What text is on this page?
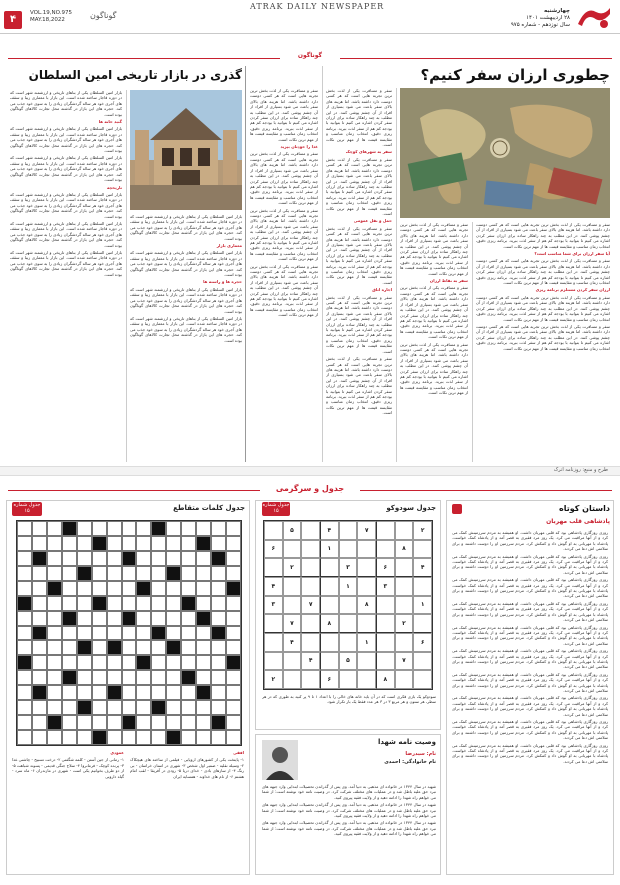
۴
VOL.19,NO.975
MAY.18,2022	گوناگون
ATRAK DAILY NEWSPAPER	چهارشنبه
۲۸ اردیبهشت ۱۴۰۱
سال نوزدهم - شماره ۹۷۵
گوناگون
چطوری ارزان سفر کنیم؟

سفر و مسافرت یکی از لذت بخش ترین تجربه هایی است که هر کسی دوست دارد داشته باشد. اما هزینه های بالای سفر باعث می شود بسیاری از افراد از آن چشم پوشی کنند. در این مطلب به چند راهکار ساده برای ارزان سفر کردن اشاره می کنیم تا بتوانید با بودجه کم هم از سفر لذت ببرید. برنامه ریزی دقیق، انتخاب زمان مناسب و مقایسه قیمت ها از مهم ترین نکات است.

آیا سفر ارزان برای شما مناسب است؟

سفر و مسافرت یکی از لذت بخش ترین تجربه هایی است که هر کسی دوست دارد داشته باشد. اما هزینه های بالای سفر باعث می شود بسیاری از افراد از آن چشم پوشی کنند. در این مطلب به چند راهکار ساده برای ارزان سفر کردن اشاره می کنیم تا بتوانید با بودجه کم هم از سفر لذت ببرید. برنامه ریزی دقیق، انتخاب زمان مناسب و مقایسه قیمت ها از مهم ترین نکات است.

ارزان سفر کردن مستلزم برنامه ریزی

سفر و مسافرت یکی از لذت بخش ترین تجربه هایی است که هر کسی دوست دارد داشته باشد. اما هزینه های بالای سفر باعث می شود بسیاری از افراد از آن چشم پوشی کنند. در این مطلب به چند راهکار ساده برای ارزان سفر کردن اشاره می کنیم تا بتوانید با بودجه کم هم از سفر لذت ببرید. برنامه ریزی دقیق، انتخاب زمان مناسب و مقایسه قیمت ها از مهم ترین نکات است.

سفر و مسافرت یکی از لذت بخش ترین تجربه هایی است که هر کسی دوست دارد داشته باشد. اما هزینه های بالای سفر باعث می شود بسیاری از افراد از آن چشم پوشی کنند. در این مطلب به چند راهکار ساده برای ارزان سفر کردن اشاره می کنیم تا بتوانید با بودجه کم هم از سفر لذت ببرید. برنامه ریزی دقیق، انتخاب زمان مناسب و مقایسه قیمت ها از مهم ترین نکات است.

سفر و مسافرت یکی از لذت بخش ترین تجربه هایی است که هر کسی دوست دارد داشته باشد. اما هزینه های بالای سفر باعث می شود بسیاری از افراد از آن چشم پوشی کنند. در این مطلب به چند راهکار ساده برای ارزان سفر کردن اشاره می کنیم تا بتوانید با بودجه کم هم از سفر لذت ببرید. برنامه ریزی دقیق، انتخاب زمان مناسب و مقایسه قیمت ها از مهم ترین نکات است.

سفر به نقاط ارزان

سفر و مسافرت یکی از لذت بخش ترین تجربه هایی است که هر کسی دوست دارد داشته باشد. اما هزینه های بالای سفر باعث می شود بسیاری از افراد از آن چشم پوشی کنند. در این مطلب به چند راهکار ساده برای ارزان سفر کردن اشاره می کنیم تا بتوانید با بودجه کم هم از سفر لذت ببرید. برنامه ریزی دقیق، انتخاب زمان مناسب و مقایسه قیمت ها از مهم ترین نکات است.

سفر و مسافرت یکی از لذت بخش ترین تجربه هایی است که هر کسی دوست دارد داشته باشد. اما هزینه های بالای سفر باعث می شود بسیاری از افراد از آن چشم پوشی کنند. در این مطلب به چند راهکار ساده برای ارزان سفر کردن اشاره می کنیم تا بتوانید با بودجه کم هم از سفر لذت ببرید. برنامه ریزی دقیق، انتخاب زمان مناسب و مقایسه قیمت ها از مهم ترین نکات است.

سفر و مسافرت یکی از لذت بخش ترین تجربه هایی است که هر کسی دوست دارد داشته باشد. اما هزینه های بالای سفر باعث می شود بسیاری از افراد از آن چشم پوشی کنند. در این مطلب به چند راهکار ساده برای ارزان سفر کردن اشاره می کنیم تا بتوانید با بودجه کم هم از سفر لذت ببرید. برنامه ریزی دقیق، انتخاب زمان مناسب و مقایسه قیمت ها از مهم ترین نکات است.

سفر به شهرهای کوچک

سفر و مسافرت یکی از لذت بخش ترین تجربه هایی است که هر کسی دوست دارد داشته باشد. اما هزینه های بالای سفر باعث می شود بسیاری از افراد از آن چشم پوشی کنند. در این مطلب به چند راهکار ساده برای ارزان سفر کردن اشاره می کنیم تا بتوانید با بودجه کم هم از سفر لذت ببرید. برنامه ریزی دقیق، انتخاب زمان مناسب و مقایسه قیمت ها از مهم ترین نکات است.

حمل و نقل عمومی

سفر و مسافرت یکی از لذت بخش ترین تجربه هایی است که هر کسی دوست دارد داشته باشد. اما هزینه های بالای سفر باعث می شود بسیاری از افراد از آن چشم پوشی کنند. در این مطلب به چند راهکار ساده برای ارزان سفر کردن اشاره می کنیم تا بتوانید با بودجه کم هم از سفر لذت ببرید. برنامه ریزی دقیق، انتخاب زمان مناسب و مقایسه قیمت ها از مهم ترین نکات است.

اجاره اتاق

سفر و مسافرت یکی از لذت بخش ترین تجربه هایی است که هر کسی دوست دارد داشته باشد. اما هزینه های بالای سفر باعث می شود بسیاری از افراد از آن چشم پوشی کنند. در این مطلب به چند راهکار ساده برای ارزان سفر کردن اشاره می کنیم تا بتوانید با بودجه کم هم از سفر لذت ببرید. برنامه ریزی دقیق، انتخاب زمان مناسب و مقایسه قیمت ها از مهم ترین نکات است.

سفر و مسافرت یکی از لذت بخش ترین تجربه هایی است که هر کسی دوست دارد داشته باشد. اما هزینه های بالای سفر باعث می شود بسیاری از افراد از آن چشم پوشی کنند. در این مطلب به چند راهکار ساده برای ارزان سفر کردن اشاره می کنیم تا بتوانید با بودجه کم هم از سفر لذت ببرید. برنامه ریزی دقیق، انتخاب زمان مناسب و مقایسه قیمت ها از مهم ترین نکات است.

سفر و مسافرت یکی از لذت بخش ترین تجربه هایی است که هر کسی دوست دارد داشته باشد. اما هزینه های بالای سفر باعث می شود بسیاری از افراد از آن چشم پوشی کنند. در این مطلب به چند راهکار ساده برای ارزان سفر کردن اشاره می کنیم تا بتوانید با بودجه کم هم از سفر لذت ببرید. برنامه ریزی دقیق، انتخاب زمان مناسب و مقایسه قیمت ها از مهم ترین نکات است.

غذا را خودتان بپزید

سفر و مسافرت یکی از لذت بخش ترین تجربه هایی است که هر کسی دوست دارد داشته باشد. اما هزینه های بالای سفر باعث می شود بسیاری از افراد از آن چشم پوشی کنند. در این مطلب به چند راهکار ساده برای ارزان سفر کردن اشاره می کنیم تا بتوانید با بودجه کم هم از سفر لذت ببرید. برنامه ریزی دقیق، انتخاب زمان مناسب و مقایسه قیمت ها از مهم ترین نکات است.

سفر و مسافرت یکی از لذت بخش ترین تجربه هایی است که هر کسی دوست دارد داشته باشد. اما هزینه های بالای سفر باعث می شود بسیاری از افراد از آن چشم پوشی کنند. در این مطلب به چند راهکار ساده برای ارزان سفر کردن اشاره می کنیم تا بتوانید با بودجه کم هم از سفر لذت ببرید. برنامه ریزی دقیق، انتخاب زمان مناسب و مقایسه قیمت ها از مهم ترین نکات است.

سفر و مسافرت یکی از لذت بخش ترین تجربه هایی است که هر کسی دوست دارد داشته باشد. اما هزینه های بالای سفر باعث می شود بسیاری از افراد از آن چشم پوشی کنند. در این مطلب به چند راهکار ساده برای ارزان سفر کردن اشاره می کنیم تا بتوانید با بودجه کم هم از سفر لذت ببرید. برنامه ریزی دقیق، انتخاب زمان مناسب و مقایسه قیمت ها از مهم ترین نکات است.

گذری در بازار تاریخی امین السلطان

بازار امین السلطان یکی از بناهای تاریخی و ارزشمند شهر است که در دوره قاجار ساخته شده است. این بازار با معماری زیبا و سقف های آجری خود هر ساله گردشگران زیادی را به سوی خود جذب می کند. حجره های این بازار در گذشته محل تجارت کالاهای گوناگون بوده است.

معماری بازار

بازار امین السلطان یکی از بناهای تاریخی و ارزشمند شهر است که در دوره قاجار ساخته شده است. این بازار با معماری زیبا و سقف های آجری خود هر ساله گردشگران زیادی را به سوی خود جذب می کند. حجره های این بازار در گذشته محل تجارت کالاهای گوناگون بوده است.

حجره ها و راسته ها

بازار امین السلطان یکی از بناهای تاریخی و ارزشمند شهر است که در دوره قاجار ساخته شده است. این بازار با معماری زیبا و سقف های آجری خود هر ساله گردشگران زیادی را به سوی خود جذب می کند. حجره های این بازار در گذشته محل تجارت کالاهای گوناگون بوده است.

بازار امین السلطان یکی از بناهای تاریخی و ارزشمند شهر است که در دوره قاجار ساخته شده است. این بازار با معماری زیبا و سقف های آجری خود هر ساله گردشگران زیادی را به سوی خود جذب می کند. حجره های این بازار در گذشته محل تجارت کالاهای گوناگون بوده است.

بازار امین السلطان یکی از بناهای تاریخی و ارزشمند شهر است که در دوره قاجار ساخته شده است. این بازار با معماری زیبا و سقف های آجری خود هر ساله گردشگران زیادی را به سوی خود جذب می کند. حجره های این بازار در گذشته محل تجارت کالاهای گوناگون بوده است.

گنبد خانه ها

بازار امین السلطان یکی از بناهای تاریخی و ارزشمند شهر است که در دوره قاجار ساخته شده است. این بازار با معماری زیبا و سقف های آجری خود هر ساله گردشگران زیادی را به سوی خود جذب می کند. حجره های این بازار در گذشته محل تجارت کالاهای گوناگون بوده است.

بازار امین السلطان یکی از بناهای تاریخی و ارزشمند شهر است که در دوره قاجار ساخته شده است. این بازار با معماری زیبا و سقف های آجری خود هر ساله گردشگران زیادی را به سوی خود جذب می کند. حجره های این بازار در گذشته محل تجارت کالاهای گوناگون بوده است.

تاریخچه

بازار امین السلطان یکی از بناهای تاریخی و ارزشمند شهر است که در دوره قاجار ساخته شده است. این بازار با معماری زیبا و سقف های آجری خود هر ساله گردشگران زیادی را به سوی خود جذب می کند. حجره های این بازار در گذشته محل تجارت کالاهای گوناگون بوده است.

بازار امین السلطان یکی از بناهای تاریخی و ارزشمند شهر است که در دوره قاجار ساخته شده است. این بازار با معماری زیبا و سقف های آجری خود هر ساله گردشگران زیادی را به سوی خود جذب می کند. حجره های این بازار در گذشته محل تجارت کالاهای گوناگون بوده است.

بازار امین السلطان یکی از بناهای تاریخی و ارزشمند شهر است که در دوره قاجار ساخته شده است. این بازار با معماری زیبا و سقف های آجری خود هر ساله گردشگران زیادی را به سوی خود جذب می کند. حجره های این بازار در گذشته محل تجارت کالاهای گوناگون بوده است.

طرح و منبع: روزنامه اترک
جدول و سرگرمی
داستان کوتاه
پادشاهی قلب مهربان

روزی روزگاری پادشاهی بود که قلبی مهربان داشت. او همیشه به مردم سرزمینش کمک می کرد و از آنها مراقبت می کرد. یک روز مرد فقیری به قصر آمد و از پادشاه کمک خواست. پادشاه با مهربانی به او گوش داد و کمکش کرد. مردم سرزمین او را دوست داشتند و برای سلامتی اش دعا می کردند.

روزی روزگاری پادشاهی بود که قلبی مهربان داشت. او همیشه به مردم سرزمینش کمک می کرد و از آنها مراقبت می کرد. یک روز مرد فقیری به قصر آمد و از پادشاه کمک خواست. پادشاه با مهربانی به او گوش داد و کمکش کرد. مردم سرزمین او را دوست داشتند و برای سلامتی اش دعا می کردند.

روزی روزگاری پادشاهی بود که قلبی مهربان داشت. او همیشه به مردم سرزمینش کمک می کرد و از آنها مراقبت می کرد. یک روز مرد فقیری به قصر آمد و از پادشاه کمک خواست. پادشاه با مهربانی به او گوش داد و کمکش کرد. مردم سرزمین او را دوست داشتند و برای سلامتی اش دعا می کردند.

روزی روزگاری پادشاهی بود که قلبی مهربان داشت. او همیشه به مردم سرزمینش کمک می کرد و از آنها مراقبت می کرد. یک روز مرد فقیری به قصر آمد و از پادشاه کمک خواست. پادشاه با مهربانی به او گوش داد و کمکش کرد. مردم سرزمین او را دوست داشتند و برای سلامتی اش دعا می کردند.

روزی روزگاری پادشاهی بود که قلبی مهربان داشت. او همیشه به مردم سرزمینش کمک می کرد و از آنها مراقبت می کرد. یک روز مرد فقیری به قصر آمد و از پادشاه کمک خواست. پادشاه با مهربانی به او گوش داد و کمکش کرد. مردم سرزمین او را دوست داشتند و برای سلامتی اش دعا می کردند.

روزی روزگاری پادشاهی بود که قلبی مهربان داشت. او همیشه به مردم سرزمینش کمک می کرد و از آنها مراقبت می کرد. یک روز مرد فقیری به قصر آمد و از پادشاه کمک خواست. پادشاه با مهربانی به او گوش داد و کمکش کرد. مردم سرزمین او را دوست داشتند و برای سلامتی اش دعا می کردند.

روزی روزگاری پادشاهی بود که قلبی مهربان داشت. او همیشه به مردم سرزمینش کمک می کرد و از آنها مراقبت می کرد. یک روز مرد فقیری به قصر آمد و از پادشاه کمک خواست. پادشاه با مهربانی به او گوش داد و کمکش کرد. مردم سرزمین او را دوست داشتند و برای سلامتی اش دعا می کردند.

روزی روزگاری پادشاهی بود که قلبی مهربان داشت. او همیشه به مردم سرزمینش کمک می کرد و از آنها مراقبت می کرد. یک روز مرد فقیری به قصر آمد و از پادشاه کمک خواست. پادشاه با مهربانی به او گوش داد و کمکش کرد. مردم سرزمین او را دوست داشتند و برای سلامتی اش دعا می کردند.

روزی روزگاری پادشاهی بود که قلبی مهربان داشت. او همیشه به مردم سرزمینش کمک می کرد و از آنها مراقبت می کرد. یک روز مرد فقیری به قصر آمد و از پادشاه کمک خواست. پادشاه با مهربانی به او گوش داد و کمکش کرد. مردم سرزمین او را دوست داشتند و برای سلامتی اش دعا می کردند.

روزی روزگاری پادشاهی بود که قلبی مهربان داشت. او همیشه به مردم سرزمینش کمک می کرد و از آنها مراقبت می کرد. یک روز مرد فقیری به قصر آمد و از پادشاه کمک خواست. پادشاه با مهربانی به او گوش داد و کمکش کرد. مردم سرزمین او را دوست داشتند و برای سلامتی اش دعا می کردند.

جدول سودوکو
جدول شماره ۱۵
۲
۷
۴
۵
۸
۱
۶
۴
۶
۳
۲
۳
۱
۴
۱
۸
۷
۳
۲
۸
۷
۶
۱
۴
۷
۵
۴
۸
۶
۲
سودوکو یک بازی فکری است که در آن باید خانه های خالی را با اعداد ۱ تا ۹ پر کنید به طوری که در هر سطر، هر ستون و هر مربع ۳ در ۳ هر عدد فقط یک بار تکرار شود.
وصیت نامه شهدا
نام: سیدرضا
نام خانوادگی: احمدی

شهید در سال ۱۳۴۴ در خانواده ای مذهبی به دنیا آمد. وی پس از گذراندن تحصیلات ابتدایی وارد جبهه های نبرد حق علیه باطل شد و در عملیات های مختلف شرکت کرد. در وصیت نامه خود نوشته است: از شما می خواهم راه شهدا را ادامه دهید و از ولایت فقیه پیروی کنید.

شهید در سال ۱۳۴۴ در خانواده ای مذهبی به دنیا آمد. وی پس از گذراندن تحصیلات ابتدایی وارد جبهه های نبرد حق علیه باطل شد و در عملیات های مختلف شرکت کرد. در وصیت نامه خود نوشته است: از شما می خواهم راه شهدا را ادامه دهید و از ولایت فقیه پیروی کنید.

شهید در سال ۱۳۴۴ در خانواده ای مذهبی به دنیا آمد. وی پس از گذراندن تحصیلات ابتدایی وارد جبهه های نبرد حق علیه باطل شد و در عملیات های مختلف شرکت کرد. در وصیت نامه خود نوشته است: از شما می خواهم راه شهدا را ادامه دهید و از ولایت فقیه پیروی کنید.

جدول کلمات متقاطع
جدول شماره ۱۵

عمودی

۱- رمانی از جین آستن - کلمه شگفتی ۲- درخت تسبیح - چاشنی غذا ۳- پرنده کوچک - فرمانروا ۴- سلاح جنگی قدیمی - پسوند شباهت ۵- از دو طرف بخوانیم یکی است - شهری در مازندران ۶- ماه سرد - گیاه دارویی

افقی

۱- پایتخت یکی از کشورهای اروپایی - فیلمی از ساخته های هیچکاک ۲- وسیله نقلیه - ضمیر اول شخص ۳- شهری در استان خراسان - بی رنگ ۴- از سازهای بادی - خدای دریا ۵- رودی در آفریقا - لقب امام هشتم ۶- از نام های خداوند - همسایه ایران
